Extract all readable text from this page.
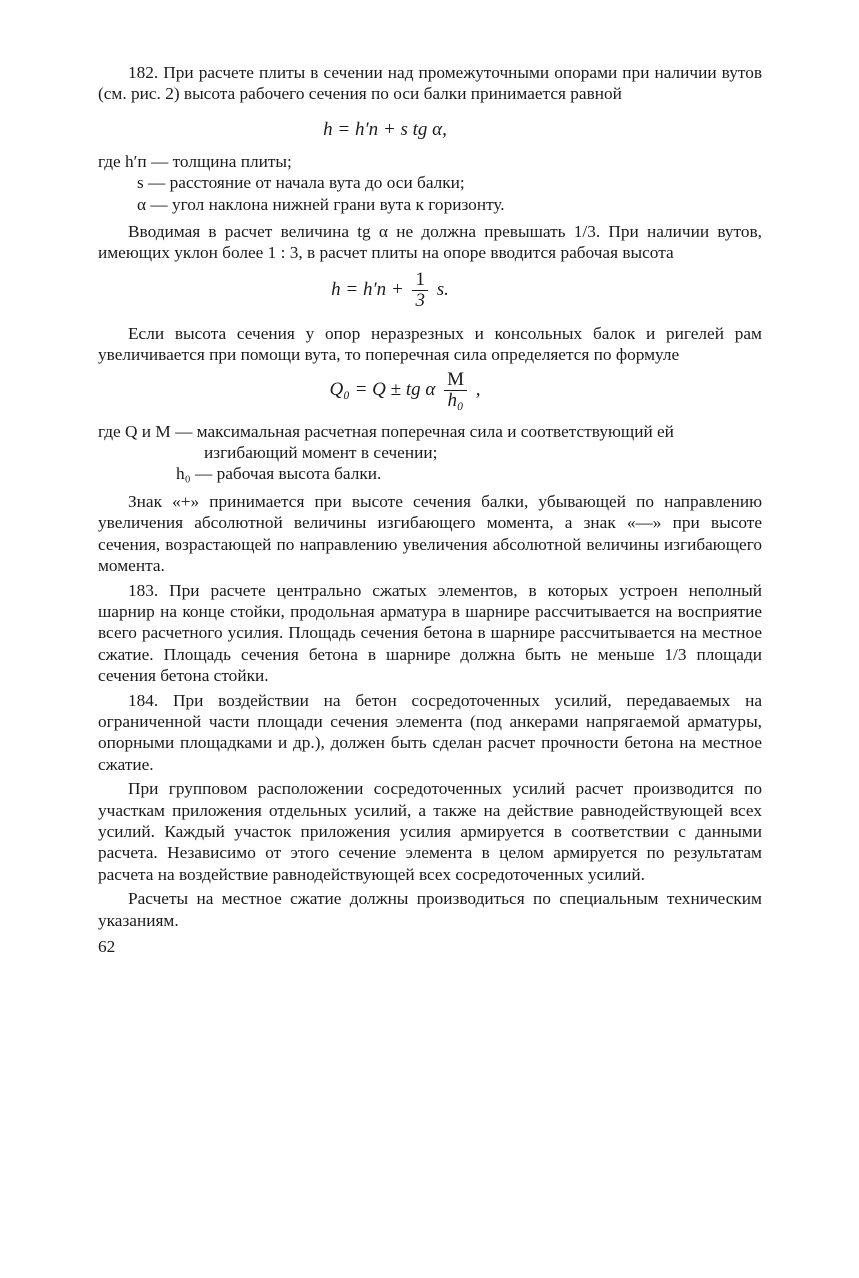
182. При расчете плиты в сечении над промежуточными опорами при наличии вутов (см. рис. 2) высота рабочего сечения по оси балки принимается равной

h = h′п + s tg α,

где h′п — толщина плиты;

s — расстояние от начала вута до оси балки;

α — угол наклона нижней грани вута к горизонту.

Вводимая в расчет величина tg α не должна превышать 1/3. При наличии вутов, имеющих уклон более 1 : 3, в расчет плиты на опоре вводится рабочая высота

$h = h'п + \frac{1}{3} s$.

Если высота сечения у опор неразрезных и консольных балок и ригелей рам увеличивается при помощи вута, то поперечная сила определяется по формуле

Q₀ = Q ± tg α $\frac{M}{\text{h₀}}$ ,

где Q и M — максимальная расчетная поперечная сила и соответствующий ей изгибающий момент в сечении;

h₀ — рабочая высота балки.

Знак «+» принимается при высоте сечения балки, убывающей по направлению увеличения абсолютной величины изгибающего момента, а знак «—» при высоте сечения, возрастающей по направлению увеличения абсолютной величины изгибающего момента.

183. При расчете центрально сжатых элементов, в которых устроен неполный шарнир на конце стойки, продольная арматура в шарнире рассчитывается на восприятие всего расчетного усилия. Площадь сечения бетона в шарнире рассчитывается на местное сжатие. Площадь сечения бетона в шарнире должна быть не меньше 1/3 площади сечения бетона стойки.

184. При воздействии на бетон сосредоточенных усилий, передаваемых на ограниченной части площади сечения элемента (под анкерами напрягаемой арматуры, опорными площадками и др.), должен быть сделан расчет прочности бетона на местное сжатие.

При групповом расположении сосредоточенных усилий расчет производится по участкам приложения отдельных усилий, а также на действие равнодействующей всех усилий. Каждый участок приложения усилия армируется в соответствии с данными расчета. Независимо от этого сечение элемента в целом армируется по результатам расчета на воздействие равнодействующей всех сосредоточенных усилий.

Расчеты на местное сжатие должны производиться по специальным техническим указаниям.

62
